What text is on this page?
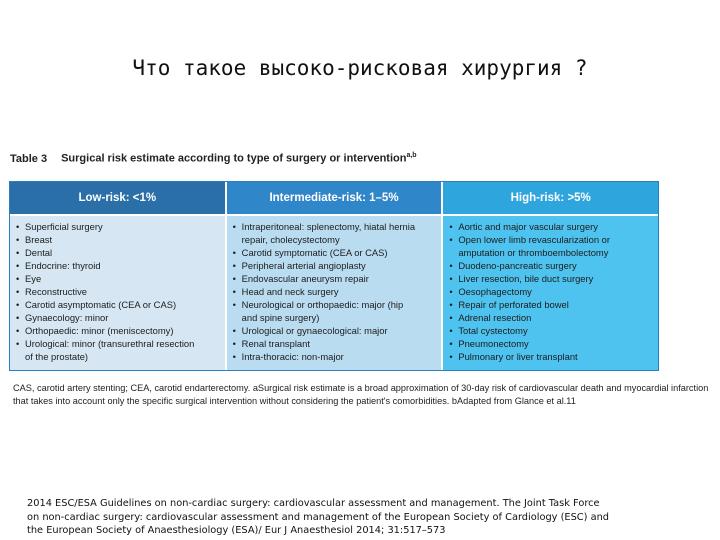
Что такое высоко-рисковая хирургия ?
Table 3 Surgical risk estimate according to type of surgery or intervention$^{a,b}$
Low-risk: <1%
• Superficial surgery
• Breast
• Dental
• Endocrine: thyroid
• Eye
• Reconstructive
• Carotid asymptomatic (CEA or CAS)
• Gynaecology: minor
• Orthopaedic: minor (meniscectomy)
• Urological: minor (transurethral resection
of the prostate)
Intermediate-risk: 1–5%
• Intraperitoneal: splenectomy, hiatal hernia
repair, cholecystectomy
• Carotid symptomatic (CEA or CAS)
• Peripheral arterial angioplasty
• Endovascular aneurysm repair
• Head and neck surgery
• Neurological or orthopaedic: major (hip
and spine surgery)
• Urological or gynaecological: major
• Renal transplant
• Intra-thoracic: non-major
High-risk: >5%
• Aortic and major vascular surgery
• Open lower limb revascularization or
amputation or thromboembolectomy
• Duodeno-pancreatic surgery
• Liver resection, bile duct surgery
• Oesophagectomy
• Repair of perforated bowel
• Adrenal resection
• Total cystectomy
• Pneumonectomy
• Pulmonary or liver transplant
CAS, carotid artery stenting; CEA, carotid endarterectomy. aSurgical risk estimate is a broad approximation of 30-day risk of cardiovascular death and myocardial infarction
that takes into account only the specific surgical intervention without considering the patient's comorbidities. bAdapted from Glance et al.11
2014 ESC/ESA Guidelines on non-cardiac surgery: cardiovascular assessment and management. The Joint Task Force
on non-cardiac surgery: cardiovascular assessment and management of the European Society of Cardiology (ESC) and
the European Society of Anaesthesiology (ESA)/ Eur J Anaesthesiol 2014; 31:517–573
